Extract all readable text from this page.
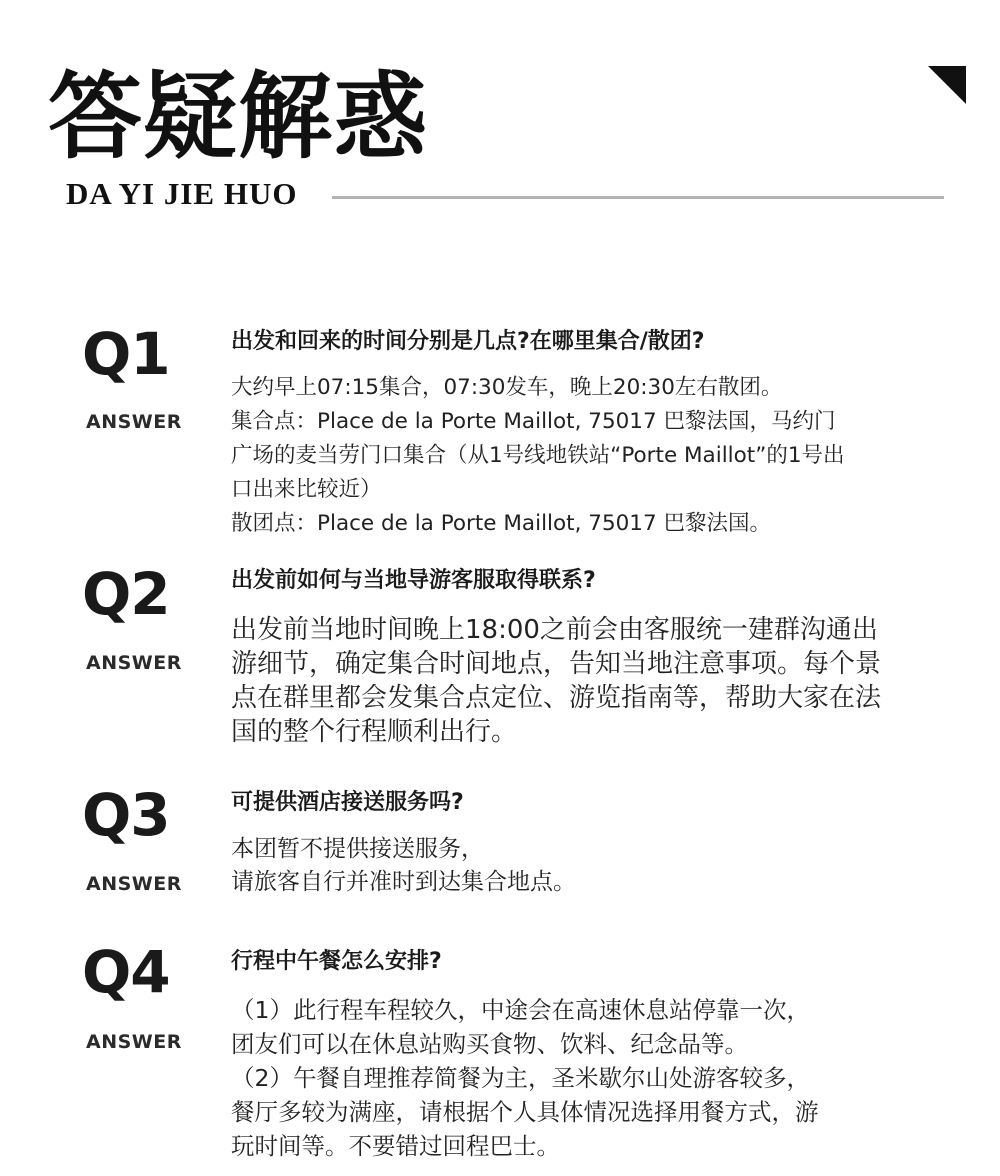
答疑解惑
DA YI JIE HUO
Q1
ANSWER
出发和回来的时间分别是几点?在哪里集合/散团?
大约早上07:15集合，07:30发车，晚上20:30左右散团。
集合点：Place de la Porte Maillot, 75017 巴黎法国，马约门
广场的麦当劳门口集合（从1号线地铁站“Porte Maillot”的1号出
口出来比较近）
散团点：Place de la Porte Maillot, 75017 巴黎法国。
Q2
ANSWER
出发前如何与当地导游客服取得联系?
出发前当地时间晚上18:00之前会由客服统一建群沟通出
游细节，确定集合时间地点，告知当地注意事项。每个景
点在群里都会发集合点定位、游览指南等，帮助大家在法
国的整个行程顺利出行。
Q3
ANSWER
可提供酒店接送服务吗?
本团暂不提供接送服务，
请旅客自行并准时到达集合地点。
Q4
ANSWER
行程中午餐怎么安排?
（1）此行程车程较久，中途会在高速休息站停靠一次，
团友们可以在休息站购买食物、饮料、纪念品等。
（2）午餐自理推荐简餐为主，圣米歇尔山处游客较多，
餐厅多较为满座，请根据个人具体情况选择用餐方式，游
玩时间等。不要错过回程巴士。
